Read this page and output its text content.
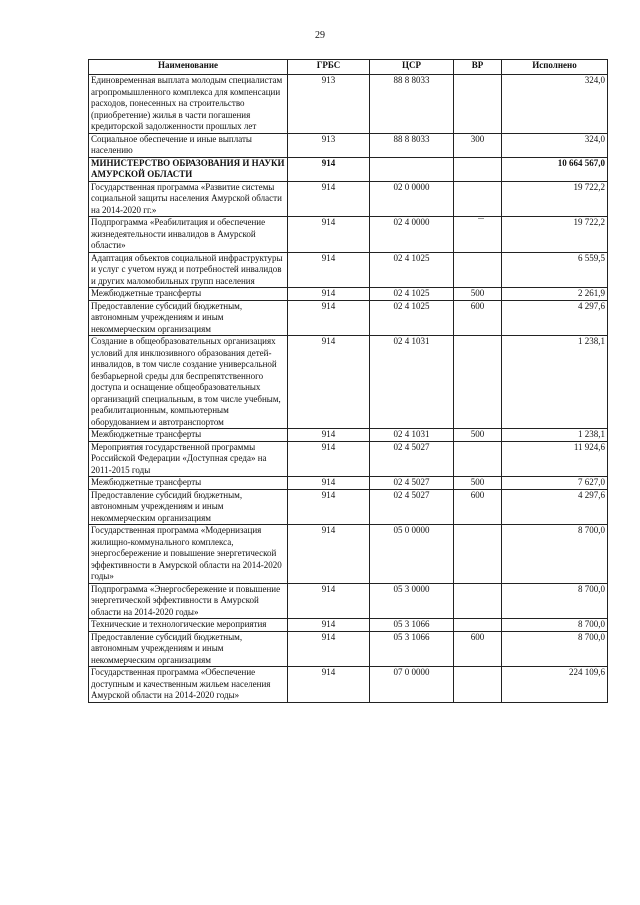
29
Наименование	ГРБС	ЦСР	ВР	Исполнено
Единовременная выплата молодым специалистам агропромышленного комплекса для компенсации расходов, понесенных на строительство (приобретение) жилья в части погашения кредиторской задолженности прошлых лет	913	88 8 8033		324,0
Социальное обеспечение и иные выплаты населению	913	88 8 8033	300	324,0
МИНИСТЕРСТВО ОБРАЗОВАНИЯ И НАУКИ АМУРСКОЙ ОБЛАСТИ	914			10 664 567,0
Государственная программа «Развитие системы социальной защиты населения Амурской области на 2014-2020 гг.»	914	02 0 0000		19 722,2
Подпрограмма «Реабилитация и обеспечение жизнедеятельности инвалидов в Амурской области»	914	02 4 0000		19 722,2
Адаптация объектов социальной инфраструктуры и услуг с учетом нужд и потребностей инвалидов и других маломобильных групп населения	914	02 4 1025		6 559,5
Межбюджетные трансферты	914	02 4 1025	500	2 261,9
Предоставление субсидий бюджетным, автономным учреждениям и иным некоммерческим организациям	914	02 4 1025	600	4 297,6
Создание в общеобразовательных организациях условий для инклюзивного образования детей-инвалидов, в том числе создание универсальной безбарьерной среды для беспрепятственного доступа и оснащение общеобразовательных организаций специальным, в том числе учебным, реабилитационным, компьютерным оборудованием и автотранспортом	914	02 4 1031		1 238,1
Межбюджетные трансферты	914	02 4 1031	500	1 238,1
Мероприятия государственной программы Российской Федерации «Доступная среда» на 2011-2015 годы	914	02 4 5027		11 924,6
Межбюджетные трансферты	914	02 4 5027	500	7 627,0
Предоставление субсидий бюджетным, автономным учреждениям и иным некоммерческим организациям	914	02 4 5027	600	4 297,6
Государственная программа «Модернизация жилищно-коммунального комплекса, энергосбережение и повышение энергетической эффективности в Амурской области на 2014-2020 годы»	914	05 0 0000		8 700,0
Подпрограмма «Энергосбережение и повышение энергетической эффективности в Амурской области на 2014-2020 годы»	914	05 3 0000		8 700,0
Технические и технологические мероприятия	914	05 3 1066		8 700,0
Предоставление субсидий бюджетным, автономным учреждениям и иным некоммерческим организациям	914	05 3 1066	600	8 700,0
Государственная программа «Обеспечение доступным и качественным жильем населения Амурской области на 2014-2020 годы»	914	07 0 0000		224 109,6
